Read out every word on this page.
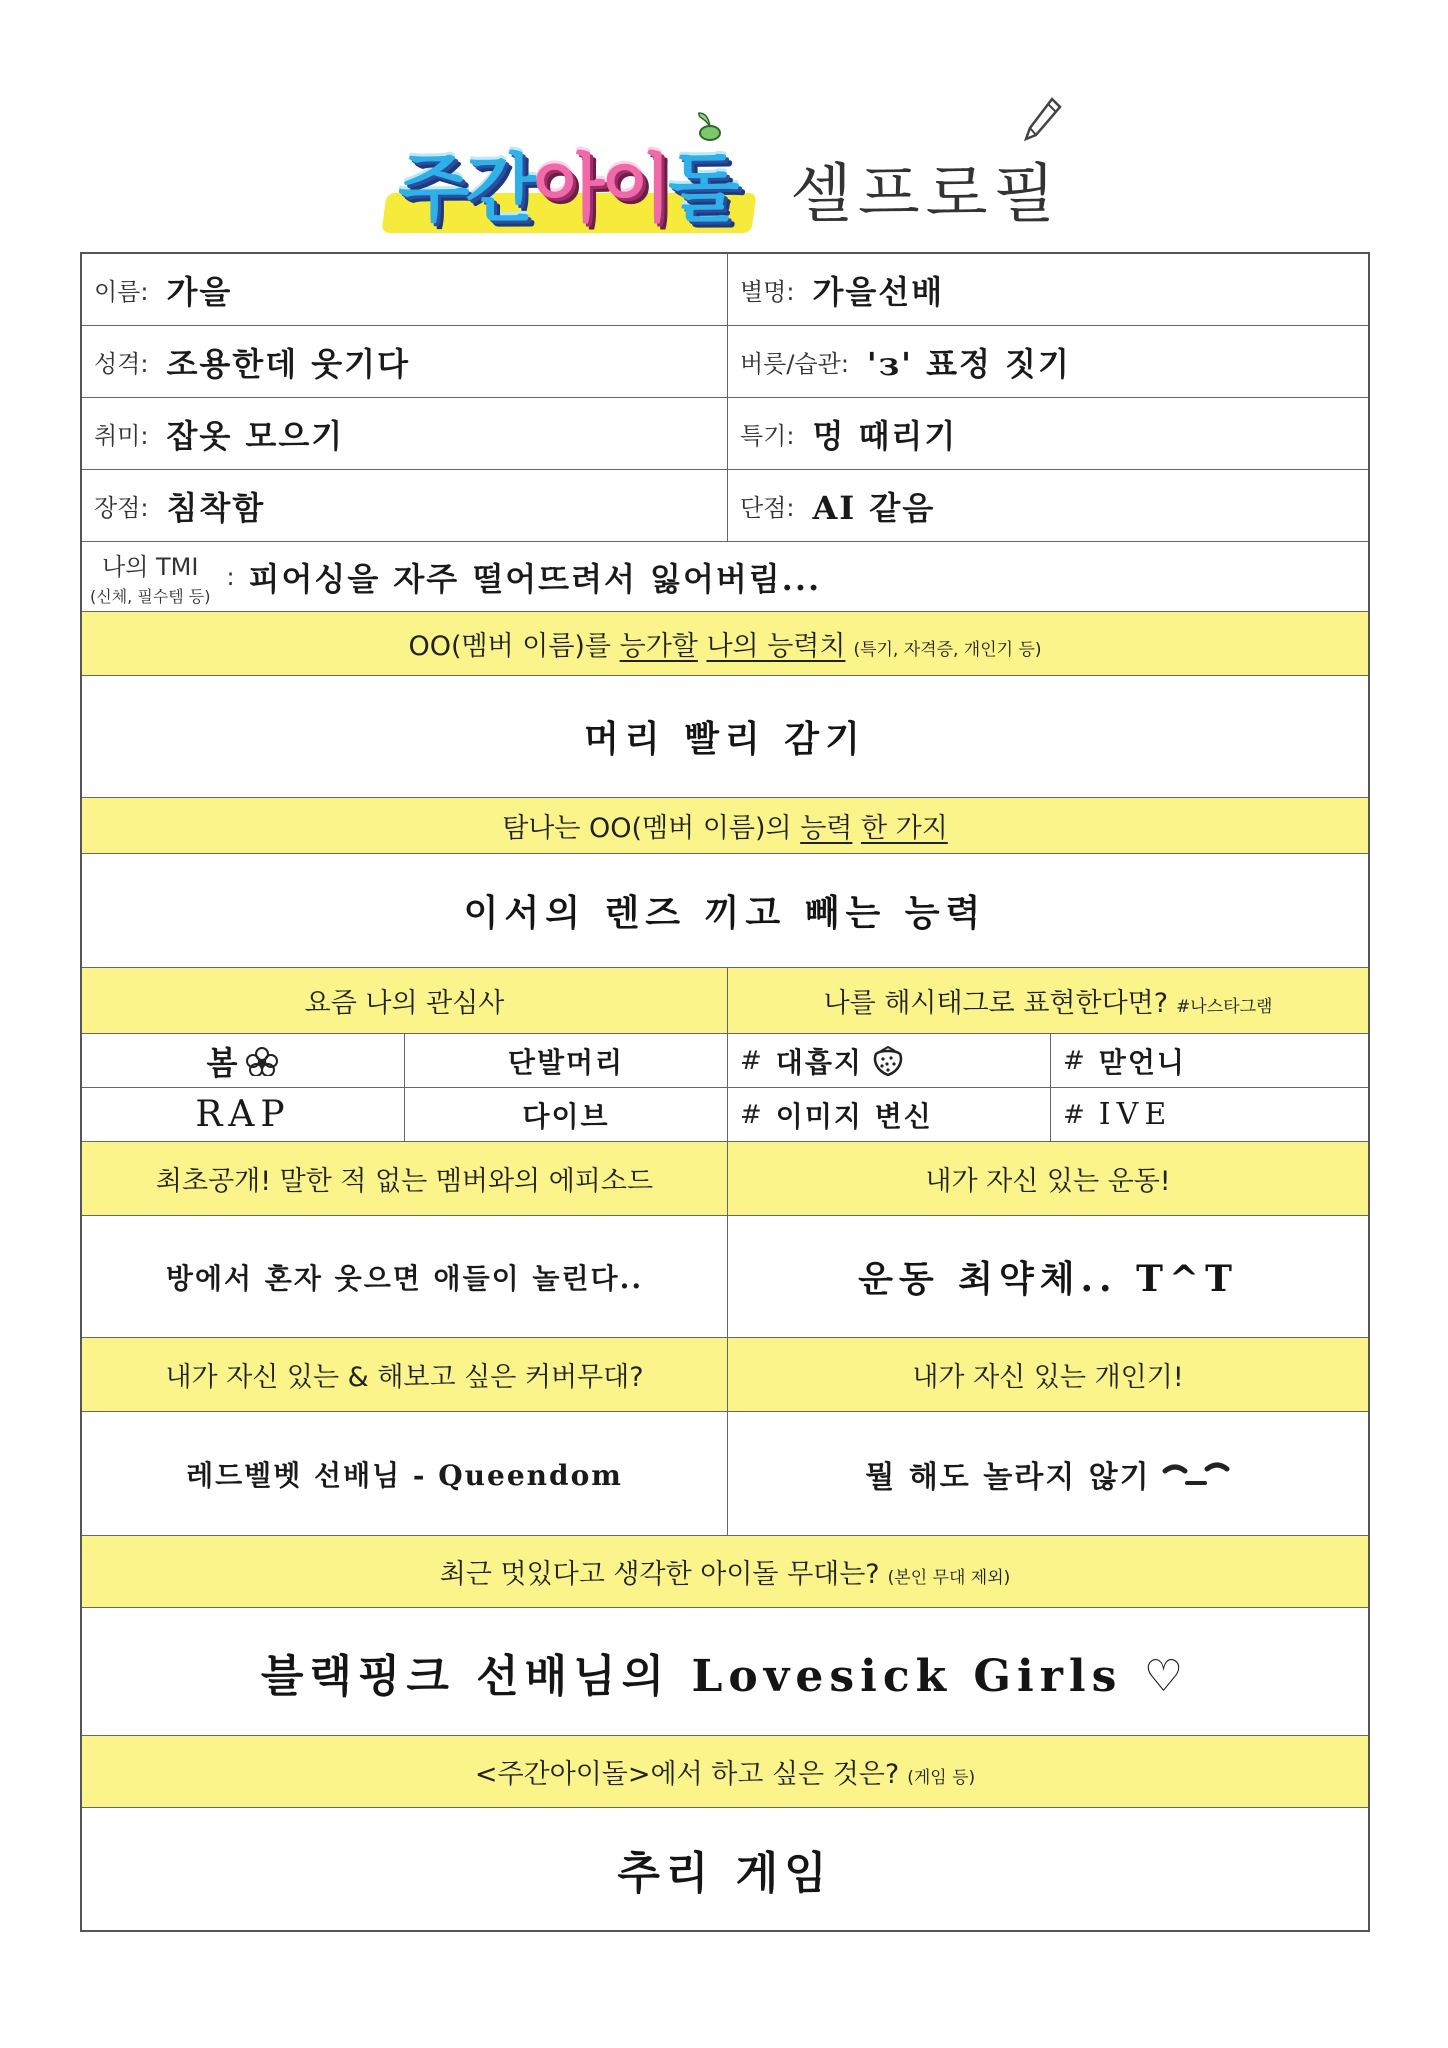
주간아이돌 셀프로필
이름: 가을	별명: 가을선배
성격: 조용한데 웃기다	버릇/습관: 'з' 표정 짓기
취미: 잡옷 모으기	특기: 멍 때리기
장점: 침착함	단점: AI 같음
나의 TMI
(신체, 필수템 등)
: 피어싱을 자주 떨어뜨려서 잃어버림...
OO(멤버 이름)를 능가할 나의 능력치 (특기, 자격증, 개인기 등)
머리 빨리 감기
탐나는 OO(멤버 이름)의 능력 한 가지
이서의 렌즈 끼고 빼는 능력
요즘 나의 관심사	나를 해시태그로 표현한다면? #나스타그램
봄	단발머리	# 대흡지	# 맏언니
RAP	다이브	# 이미지 변신	# IVE
최초공개! 말한 적 없는 멤버와의 에피소드	내가 자신 있는 운동!
방에서 혼자 웃으면 애들이 놀린다..	운동 최약체.. T^T
내가 자신 있는 & 해보고 싶은 커버무대?	내가 자신 있는 개인기!
레드벨벳 선배님 - Queendom	뭘 해도 놀라지 않기
최근 멋있다고 생각한 아이돌 무대는? (본인 무대 제외)
블랙핑크 선배님의 Lovesick Girls ♡
<주간아이돌>에서 하고 싶은 것은? (게임 등)
추리 게임
